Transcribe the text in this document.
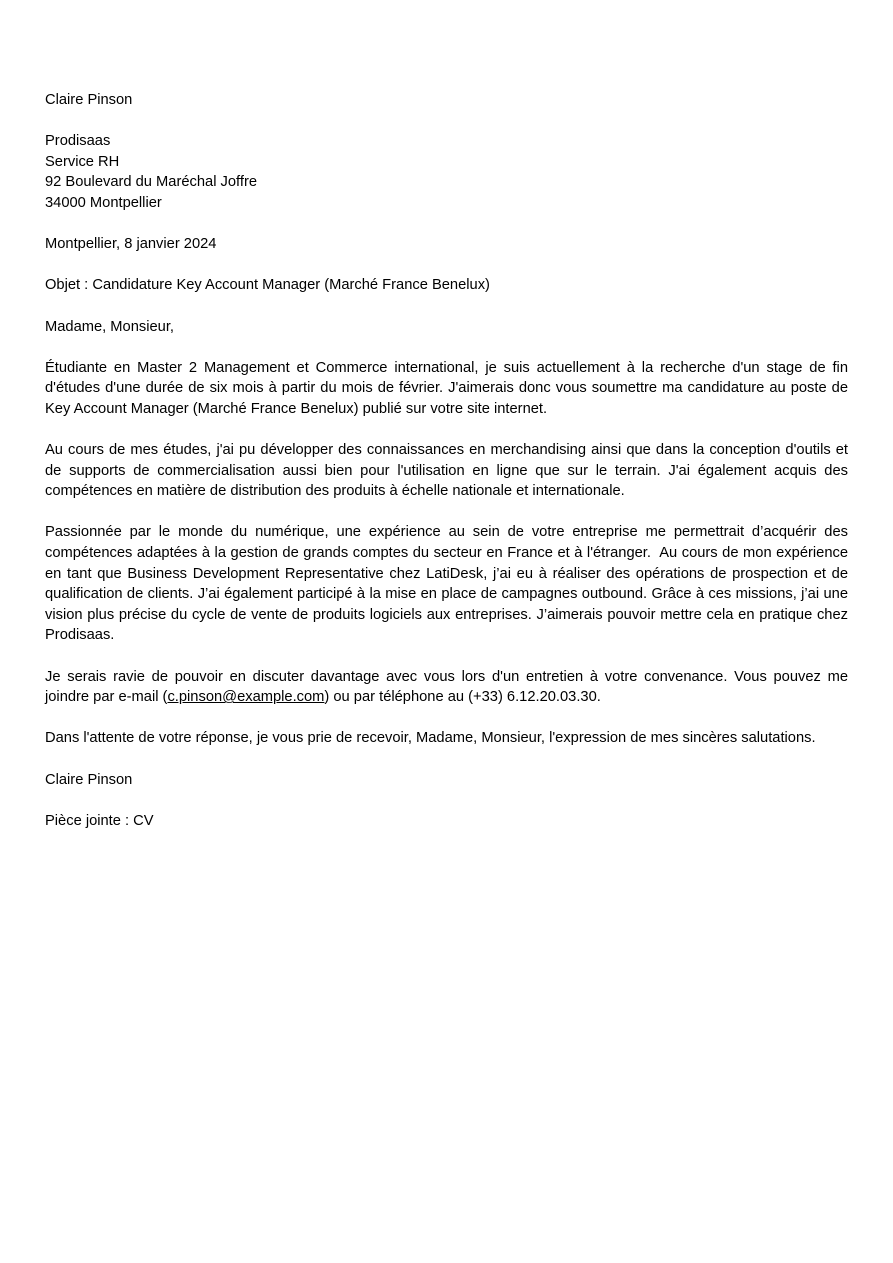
Claire Pinson
Prodisaas
Service RH
92 Boulevard du Maréchal Joffre
34000 Montpellier
Montpellier, 8 janvier 2024
Objet : Candidature Key Account Manager (Marché France Benelux)
Madame, Monsieur,

Étudiante en Master 2 Management et Commerce international, je suis actuellement à la recherche d'un stage de fin d'études d'une durée de six mois à partir du mois de février. J'aimerais donc vous soumettre ma candidature au poste de Key Account Manager (Marché France Benelux) publié sur votre site internet.

Au cours de mes études, j'ai pu développer des connaissances en merchandising ainsi que dans la conception d'outils et de supports de commercialisation aussi bien pour l'utilisation en ligne que sur le terrain. J'ai également acquis des compétences en matière de distribution des produits à échelle nationale et internationale.

Passionnée par le monde du numérique, une expérience au sein de votre entreprise me permettrait d’acquérir des compétences adaptées à la gestion de grands comptes du secteur en France et à l'étranger.  Au cours de mon expérience en tant que Business Development Representative chez LatiDesk, j’ai eu à réaliser des opérations de prospection et de qualification de clients. J’ai également participé à la mise en place de campagnes outbound. Grâce à ces missions, j’ai une vision plus précise du cycle de vente de produits logiciels aux entreprises. J’aimerais pouvoir mettre cela en pratique chez Prodisaas.

Je serais ravie de pouvoir en discuter davantage avec vous lors d'un entretien à votre convenance. Vous pouvez me joindre par e-mail (c.pinson@example.com) ou par téléphone au (+33) 6.12.20.03.30.

Dans l'attente de votre réponse, je vous prie de recevoir, Madame, Monsieur, l'expression de mes sincères salutations.

Claire Pinson
Pièce jointe : CV
